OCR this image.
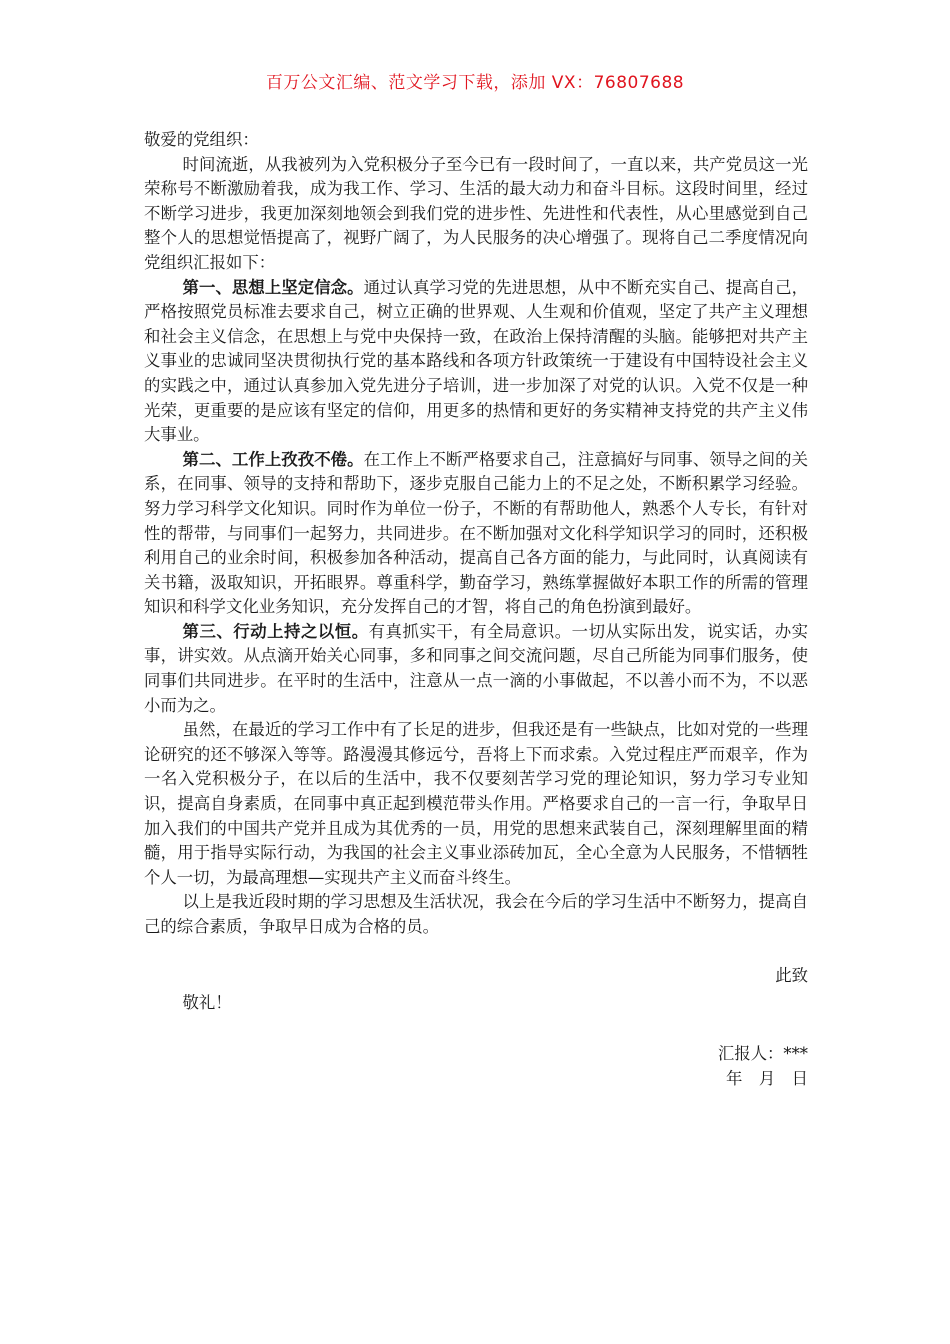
百万公文汇编、范文学习下载，添加 VX：76807688

敬爱的党组织：

时间流逝，从我被列为入党积极分子至今已有一段时间了，一直以来，共产党员这一光荣称号不断激励着我，成为我工作、学习、生活的最大动力和奋斗目标。这段时间里，经过不断学习进步，我更加深刻地领会到我们党的进步性、先进性和代表性，从心里感觉到自己整个人的思想觉悟提高了，视野广阔了，为人民服务的决心增强了。现将自己二季度情况向党组织汇报如下：

第一、思想上坚定信念。通过认真学习党的先进思想，从中不断充实自己、提高自己，严格按照党员标准去要求自己，树立正确的世界观、人生观和价值观，坚定了共产主义理想和社会主义信念，在思想上与党中央保持一致，在政治上保持清醒的头脑。能够把对共产主义事业的忠诚同坚决贯彻执行党的基本路线和各项方针政策统一于建设有中国特设社会主义的实践之中，通过认真参加入党先进分子培训，进一步加深了对党的认识。入党不仅是一种光荣，更重要的是应该有坚定的信仰，用更多的热情和更好的务实精神支持党的共产主义伟大事业。

第二、工作上孜孜不倦。在工作上不断严格要求自己，注意搞好与同事、领导之间的关系，在同事、领导的支持和帮助下，逐步克服自己能力上的不足之处，不断积累学习经验。努力学习科学文化知识。同时作为单位一份子，不断的有帮助他人，熟悉个人专长，有针对性的帮带，与同事们一起努力，共同进步。在不断加强对文化科学知识学习的同时，还积极利用自己的业余时间，积极参加各种活动，提高自己各方面的能力，与此同时，认真阅读有关书籍，汲取知识，开拓眼界。尊重科学，勤奋学习，熟练掌握做好本职工作的所需的管理知识和科学文化业务知识，充分发挥自己的才智，将自己的角色扮演到最好。

第三、行动上持之以恒。有真抓实干，有全局意识。一切从实际出发，说实话，办实事，讲实效。从点滴开始关心同事，多和同事之间交流问题，尽自己所能为同事们服务，使同事们共同进步。在平时的生活中，注意从一点一滴的小事做起，不以善小而不为，不以恶小而为之。

虽然，在最近的学习工作中有了长足的进步，但我还是有一些缺点，比如对党的一些理论研究的还不够深入等等。路漫漫其修远兮，吾将上下而求索。入党过程庄严而艰辛，作为一名入党积极分子，在以后的生活中，我不仅要刻苦学习党的理论知识，努力学习专业知识，提高自身素质，在同事中真正起到模范带头作用。严格要求自己的一言一行，争取早日加入我们的中国共产党并且成为其优秀的一员，用党的思想来武装自己，深刻理解里面的精髓，用于指导实际行动，为我国的社会主义事业添砖加瓦，全心全意为人民服务，不惜牺牲个人一切，为最高理想—实现共产主义而奋斗终生。

以上是我近段时期的学习思想及生活状况，我会在今后的学习生活中不断努力，提高自己的综合素质，争取早日成为合格的员。

此致

敬礼！

汇报人：***

年　月　日
